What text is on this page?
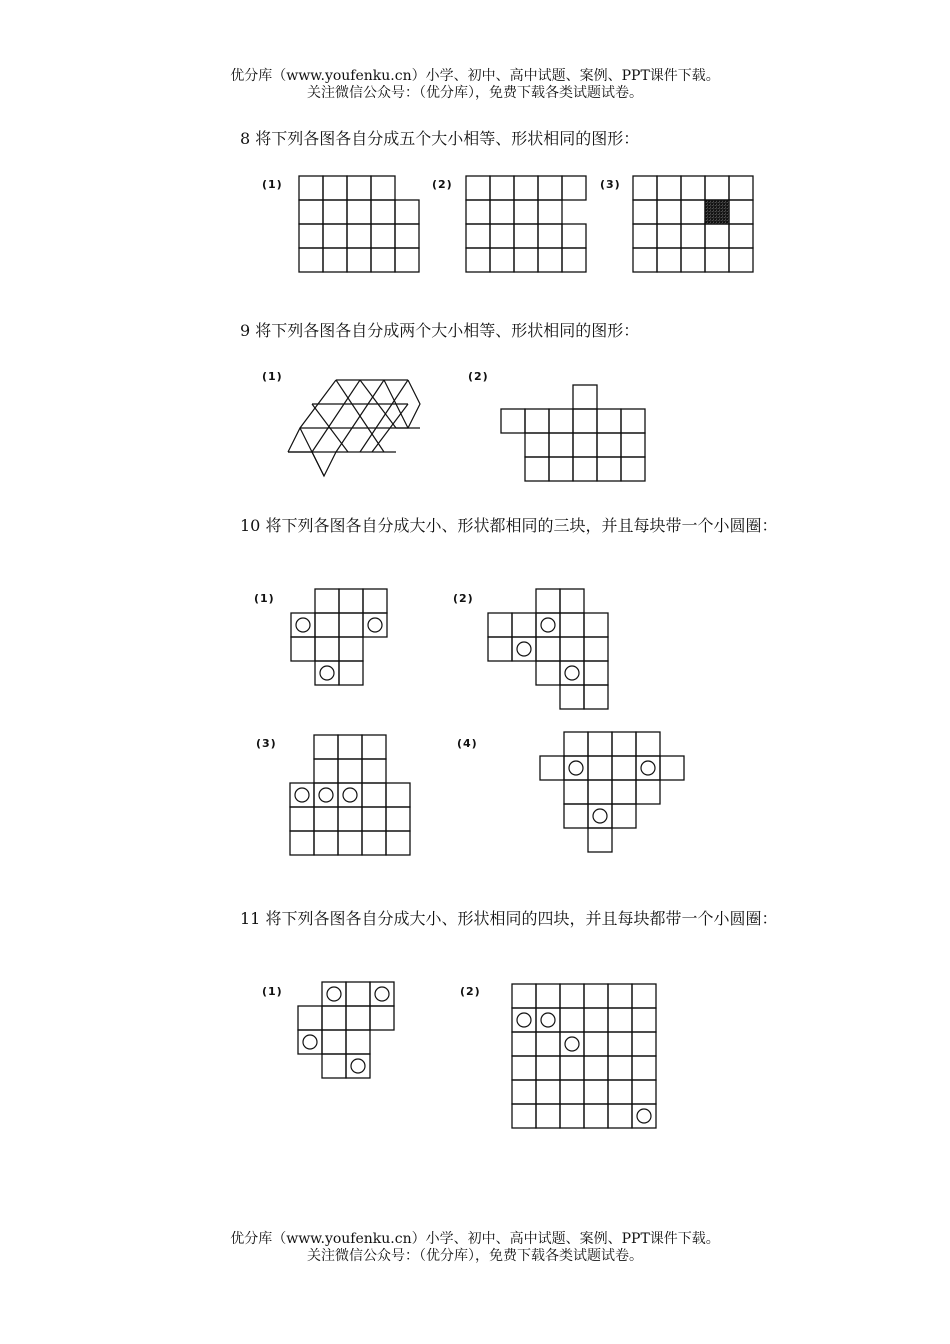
优分库（www.youfenku.cn）小学、初中、高中试题、案例、PPT课件下载。
关注微信公众号：（优分库），免费下载各类试题试卷。
8 将下列各图各自分成五个大小相等、形状相同的图形：
(1)	(2)	(3)
9 将下列各图各自分成两个大小相等、形状相同的图形：
(1)	(2)
10 将下列各图各自分成大小、形状都相同的三块，并且每块带一个小圆圈：
(1)	(2)
(3)	(4)
11 将下列各图各自分成大小、形状相同的四块，并且每块都带一个小圆圈：
(1)	(2)
优分库（www.youfenku.cn）小学、初中、高中试题、案例、PPT课件下载。
关注微信公众号：（优分库），免费下载各类试题试卷。
